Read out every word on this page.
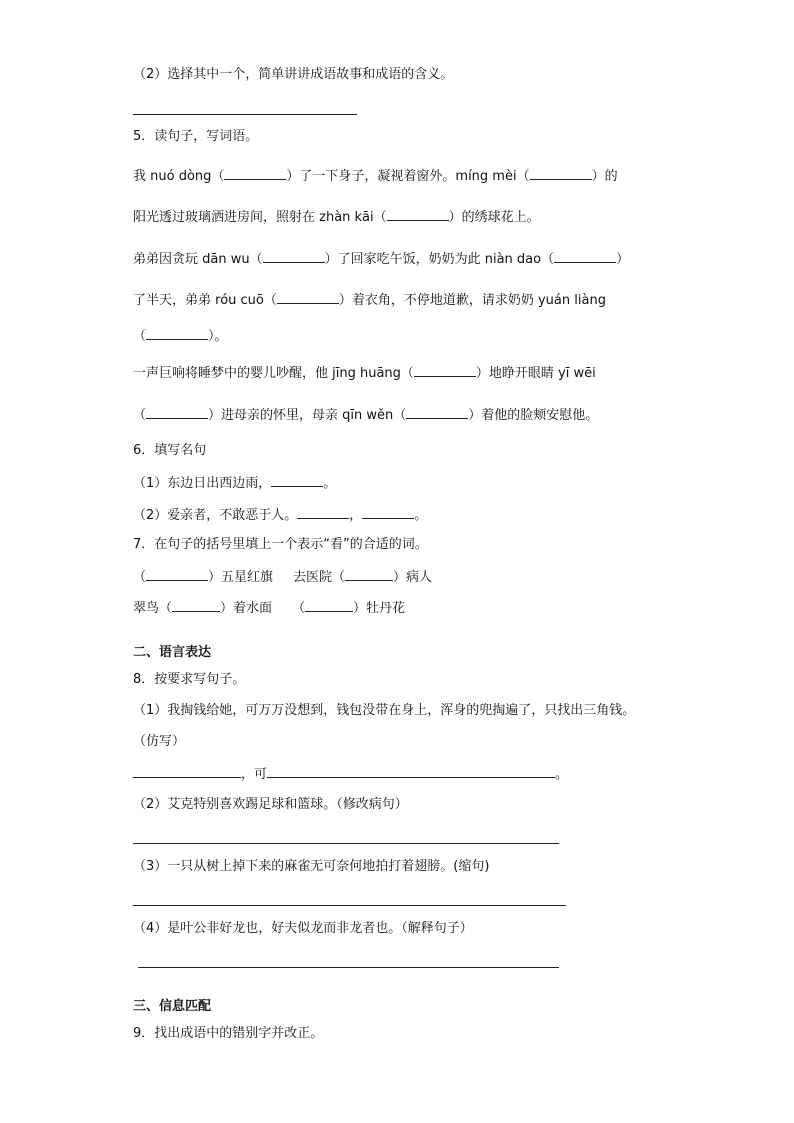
（2）选择其中一个，简单讲讲成语故事和成语的含义。
5．读句子，写词语。
我 nuó dòng（	）了一下身子，凝视着窗外。míng mèi（	）的
阳光透过玻璃洒进房间，照射在 zhàn kāi（	）的绣球花上。
弟弟因贪玩 dān wu（	）了回家吃午饭，奶奶为此 niàn dao（	）
了半天，弟弟 róu cuō（	）着衣角，不停地道歉，请求奶奶 yuán liàng
（	）。
一声巨响将睡梦中的婴儿吵醒，他 jīng huāng（	）地睁开眼睛 yī wēi
（	）进母亲的怀里，母亲 qīn wěn（	）着他的脸颊安慰他。
6．填写名句
（1）东边日出西边雨，	。
（2）爱亲者，不敢恶于人。	，	。
7．在句子的括号里填上一个表示“看”的合适的词。
（	）五星红旗 去医院（	）病人
翠鸟（	）着水面 （	）牡丹花
二、语言表达
8．按要求写句子。
（1）我掏钱给她，可万万没想到，钱包没带在身上，浑身的兜掏遍了，只找出三角钱。
（仿写）
，可	。
（2）艾克特别喜欢踢足球和篮球。（修改病句）
（3）一只从树上掉下来的麻雀无可奈何地拍打着翅膀。(缩句)
（4）是叶公非好龙也，好夫似龙而非龙者也。（解释句子）
三、信息匹配
9．找出成语中的错别字并改正。
